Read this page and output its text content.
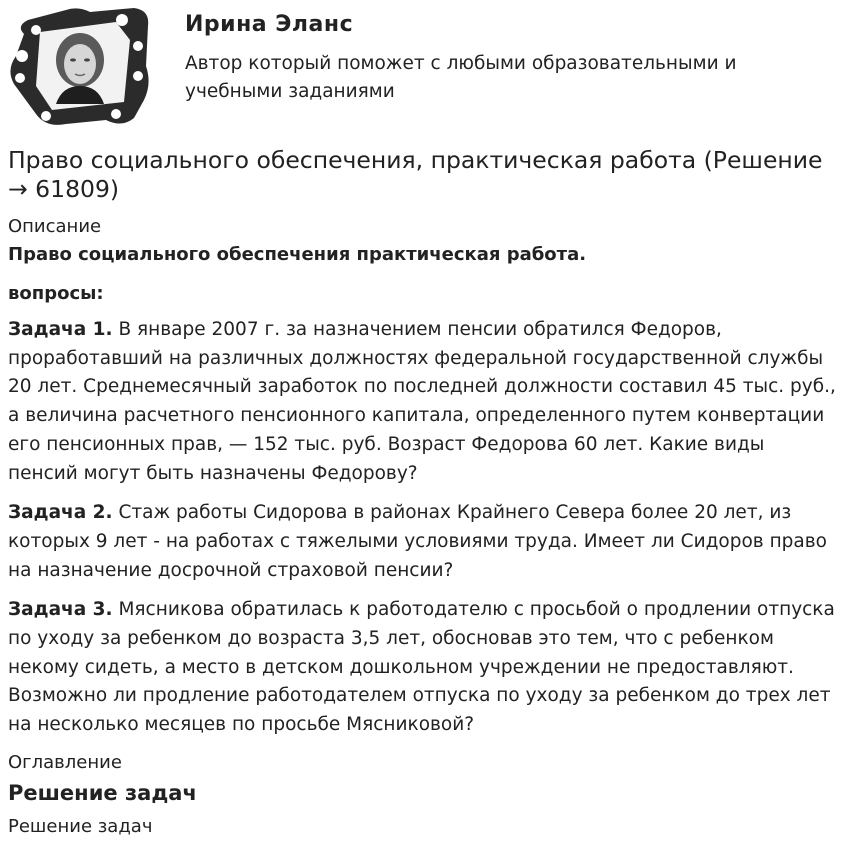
Ирина Эланс
Автор который поможет с любыми образовательными и учебными заданиями
Право социального обеспечения, практическая работа (Решение → 61809)
Описание
Право социального обеспечения практическая работа.
вопросы:
Задача 1. В январе 2007 г. за назначением пенсии обратился Федоров, проработавший на различных должностях федеральной государственной службы 20 лет. Среднемесячный заработок по последней должности составил 45 тыс. руб., а величина расчетного пенсионного капитала, определенного путем конвертации его пенсионных прав, — 152 тыс. руб. Возраст Федорова 60 лет. Какие виды пенсий могут быть назначены Федорову?
Задача 2. Стаж работы Сидорова в районах Крайнего Севера более 20 лет, из которых 9 лет - на работах с тяжелыми условиями труда. Имеет ли Сидоров право на назначение досрочной страховой пенсии?
Задача 3. Мясникова обратилась к работодателю с просьбой о продлении отпуска по уходу за ребенком до возраста 3,5 лет, обосновав это тем, что с ребенком некому сидеть, а место в детском дошкольном учреждении не предоставляют. Возможно ли продление работодателем отпуска по уходу за ребенком до трех лет на несколько месяцев по просьбе Мясниковой?
Оглавление
Решение задач
Решение задач
